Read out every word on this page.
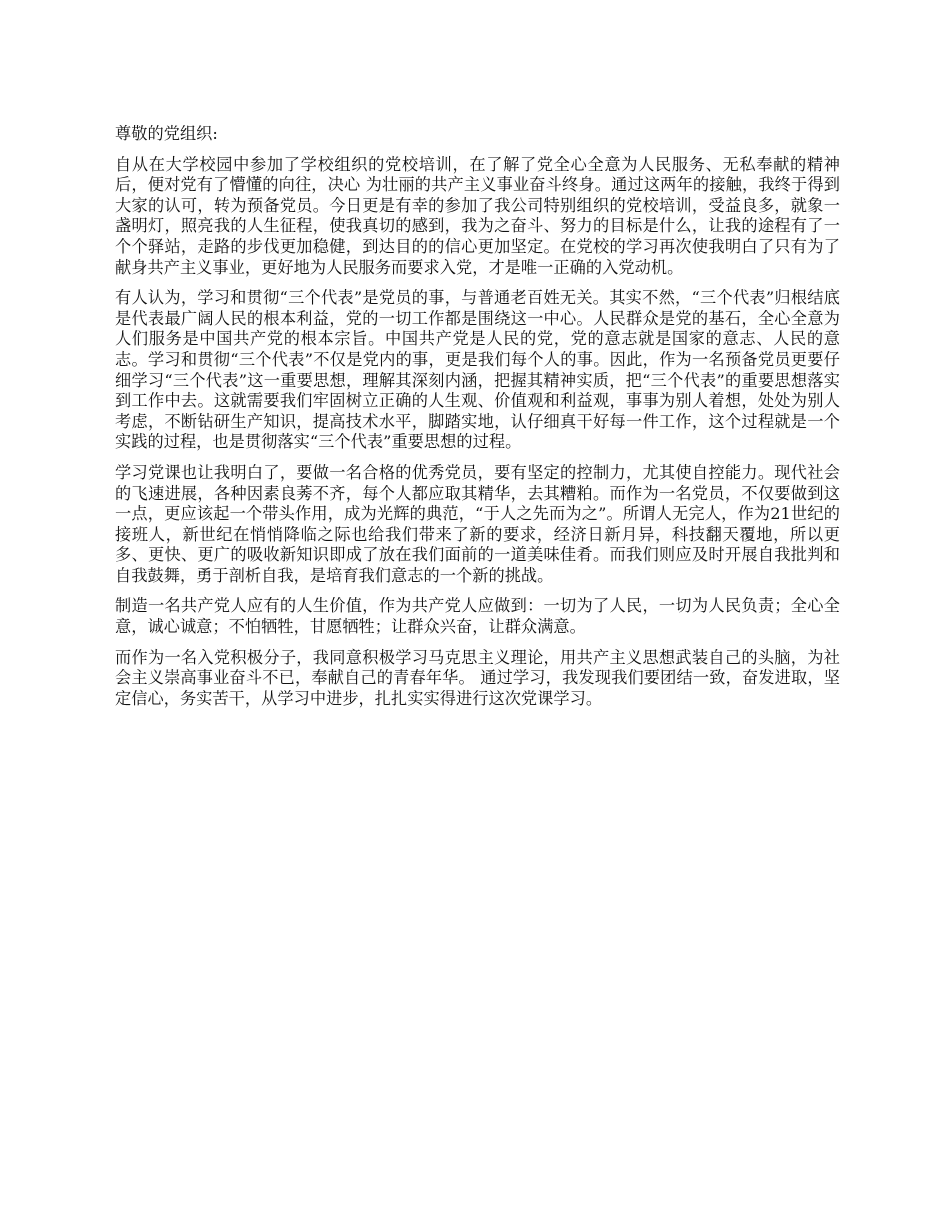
尊敬的党组织:

自从在大学校园中参加了学校组织的党校培训，在了解了党全心全意为人民服务、无私奉献的精神后，便对党有了懵懂的向往，决心 为壮丽的共产主义事业奋斗终身。通过这两年的接触，我终于得到大家的认可，转为预备党员。今日更是有幸的参加了我公司特别组织的党校培训，受益良多，就象一盏明灯，照亮我的人生征程，使我真切的感到，我为之奋斗、努力的目标是什么，让我的途程有了一个个驿站，走路的步伐更加稳健，到达目的的信心更加坚定。在党校的学习再次使我明白了只有为了献身共产主义事业，更好地为人民服务而要求入党，才是唯一正确的入党动机。

有人认为，学习和贯彻“三个代表”是党员的事，与普通老百姓无关。其实不然，“三个代表”归根结底是代表最广阔人民的根本利益，党的一切工作都是围绕这一中心。人民群众是党的基石，全心全意为人们服务是中国共产党的根本宗旨。中国共产党是人民的党，党的意志就是国家的意志、人民的意志。学习和贯彻“三个代表”不仅是党内的事，更是我们每个人的事。因此，作为一名预备党员更要仔细学习“三个代表”这一重要思想，理解其深刻内涵，把握其精神实质，把“三个代表”的重要思想落实到工作中去。这就需要我们牢固树立正确的人生观、价值观和利益观，事事为别人着想，处处为别人考虑，不断钻研生产知识，提高技术水平，脚踏实地，认仔细真干好每一件工作，这个过程就是一个实践的过程，也是贯彻落实“三个代表”重要思想的过程。

学习党课也让我明白了，要做一名合格的优秀党员，要有坚定的控制力，尤其使自控能力。现代社会的飞速进展，各种因素良莠不齐，每个人都应取其精华，去其糟粕。而作为一名党员，不仅要做到这一点，更应该起一个带头作用，成为光辉的典范，“于人之先而为之”。所谓人无完人，作为21世纪的接班人，新世纪在悄悄降临之际也给我们带来了新的要求，经济日新月异，科技翻天覆地，所以更多、更快、更广的吸收新知识即成了放在我们面前的一道美味佳肴。而我们则应及时开展自我批判和自我鼓舞，勇于剖析自我，是培育我们意志的一个新的挑战。

制造一名共产党人应有的人生价值，作为共产党人应做到：一切为了人民，一切为人民负责；全心全意，诚心诚意；不怕牺牲，甘愿牺牲；让群众兴奋，让群众满意。

而作为一名入党积极分子，我同意积极学习马克思主义理论，用共产主义思想武装自己的头脑，为社会主义崇高事业奋斗不已，奉献自己的青春年华。 通过学习，我发现我们要团结一致，奋发进取，坚定信心，务实苦干，从学习中进步，扎扎实实得进行这次党课学习。
